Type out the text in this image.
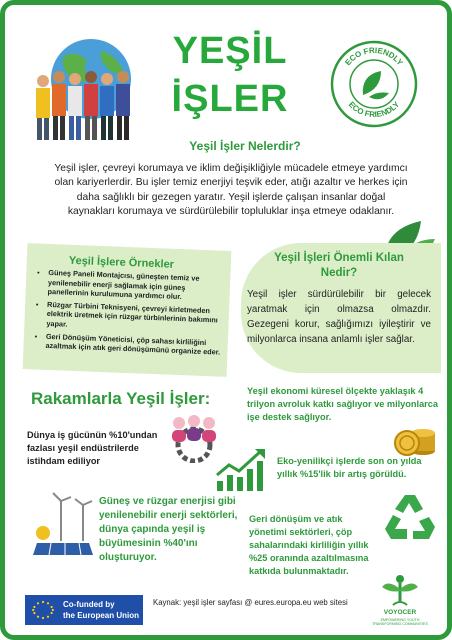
YEŞİL
İŞLER
ECO FRIENDLY
ECO FRIENDLY
Yeşil İşler Nelerdir?
Yeşil işler, çevreyi korumaya ve iklim değişikliğiyle mücadele etmeye yardımcı olan kariyerlerdir. Bu işler temiz enerjiyi teşvik eder, atığı azaltır ve herkes için daha sağlıklı bir gezegen yaratır. Yeşil işlerde çalışan insanlar doğal kaynakları korumaya ve sürdürülebilir topluluklar inşa etmeye odaklanır.
Yeşil İşlere Örnekler
• Güneş Paneli Montajcısı, güneşten temiz ve yenilenebilir enerji sağlamak için güneş panellerinin kurulumuna yardımcı olur.
• Rüzgar Türbini Teknisyeni, çevreyi kirletmeden elektrik üretmek için rüzgar türbinlerinin bakımını yapar.
• Geri Dönüşüm Yöneticisi, çöp sahası kirliliğini azaltmak için atık geri dönüşümünü organize eder.
Yeşil İşleri Önemli Kılan Nedir?
Yeşil işler sürdürülebilir bir gelecek yaratmak için olmazsa olmazdır. Gezegeni korur, sağlığımızı iyileştirir ve milyonlarca insana anlamlı işler sağlar.
Rakamlarla Yeşil İşler:	Yeşil ekonomi küresel ölçekte yaklaşık 4 trilyon avroluk katkı sağlıyor ve milyonlarca işe destek sağlıyor.
Dünya iş gücünün %10'undan fazlası yeşil endüstrilerde istihdam ediliyor	Eko-yenilikçi işlerde son on yılda yıllık %15'lik bir artış görüldü.
Güneş ve rüzgar enerjisi gibi yenilenebilir enerji sektörleri, dünya çapında yeşil iş büyümesinin %40'ını oluşturuyor.
Geri dönüşüm ve atık yönetimi sektörleri, çöp sahalarındaki kirliliğin yıllık %25 oranında azaltılmasına katkıda bulunmaktadır.
Co-funded by
the European Union
Kaynak: yeşil işler sayfası @ eures.europa.eu web sitesi
VOYOCER
EMPOWERING YOUTH TRANSFORMING COMMUNITIES
